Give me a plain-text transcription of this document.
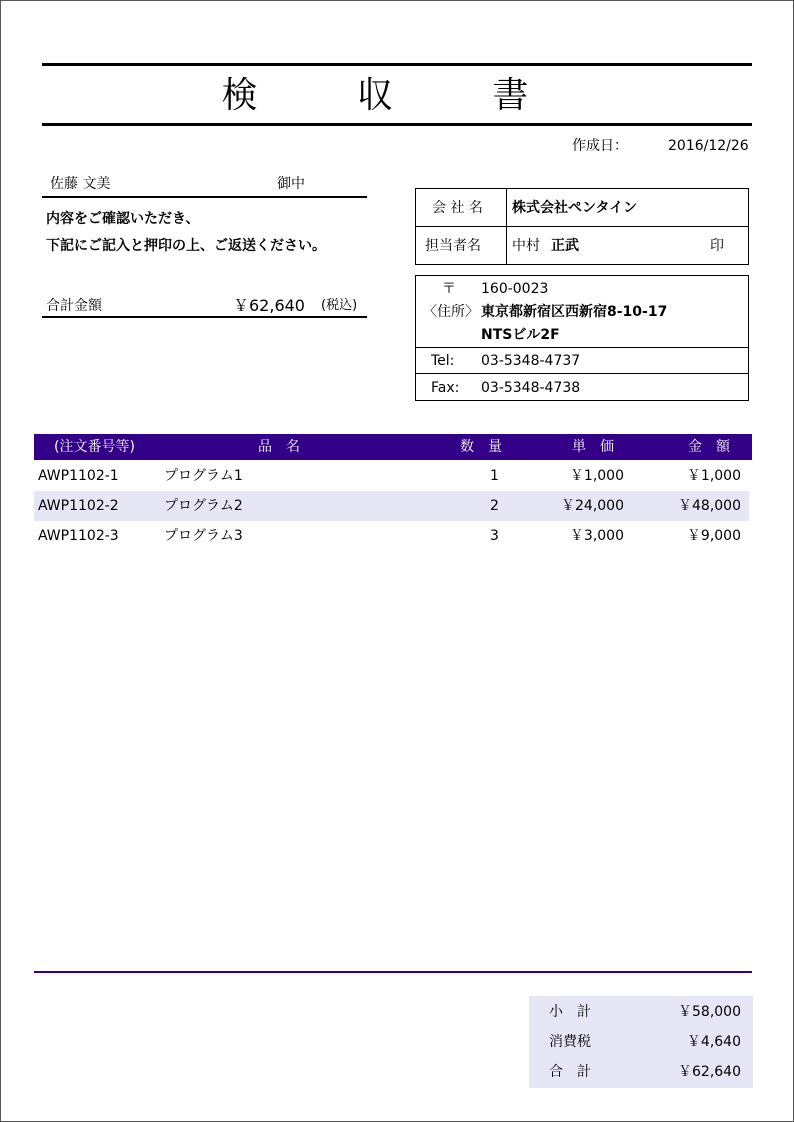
検 収 書
作成日：	2016/12/26
佐藤 文美	御中
内容をご確認いただき、
下記にご記入と押印の上、ご返送ください。
合計金額	￥62,640 (税込)
会 社 名 株式会社ペンタイン
担当者名 中村 正武	印
〒 160-0023
〈住所〉 東京都新宿区西新宿8-10-17
NTSビル2F
Tel: 03-5348-4737
Fax: 03-5348-4738
(注文番号等)	品　名	数　量	単　価	金　額
AWP1102-1	プログラム1	1	￥1,000	￥1,000
AWP1102-2	プログラム2	2	￥24,000	￥48,000
AWP1102-3	プログラム3	3	￥3,000	￥9,000
小　計	￥58,000
消費税	￥4,640
合　計	￥62,640
